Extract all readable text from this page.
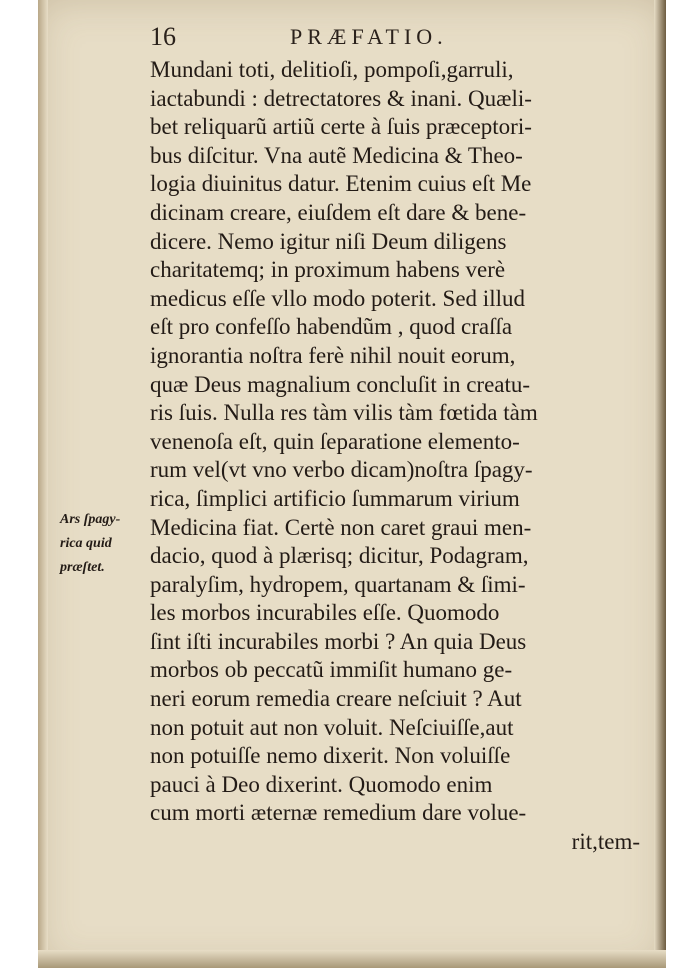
16	PRÆFATIO.
Ars ſpagy-
rica quid
præſtet.
Mundani toti, delitioſi, pompoſi,garruli,
iactabundi : detrectatores & inani. Quæli-
bet reliquarũ artiũ certe à ſuis præceptori-
bus diſcitur. Vna autẽ Medicina & Theo-
logia diuinitus datur. Etenim cuius eſt Me
dicinam creare, eiuſdem eſt dare & bene-
dicere. Nemo igitur niſi Deum diligens
charitatemq; in proximum habens verè
medicus eſſe vllo modo poterit. Sed illud
eſt pro confeſſo habendũm , quod craſſa
ignorantia noſtra ferè nihil nouit eorum,
quæ Deus magnalium concluſit in creatu-
ris ſuis. Nulla res tàm vilis tàm fœtida tàm
venenoſa eſt, quin ſeparatione elemento-
rum vel(vt vno verbo dicam)noſtra ſpagy-
rica, ſimplici artificio ſummarum virium
Medicina fiat. Certè non caret graui men-
dacio, quod à plærisq; dicitur, Podagram,
paralyſim, hydropem, quartanam & ſimi-
les morbos incurabiles eſſe. Quomodo
ſint iſti incurabiles morbi ? An quia Deus
morbos ob peccatũ immiſit humano ge-
neri eorum remedia creare neſciuit ? Aut
non potuit aut non voluit. Neſciuiſſe,aut
non potuiſſe nemo dixerit. Non voluiſſe
pauci à Deo dixerint. Quomodo enim
cum morti æternæ remedium dare volue-
rit,tem-
